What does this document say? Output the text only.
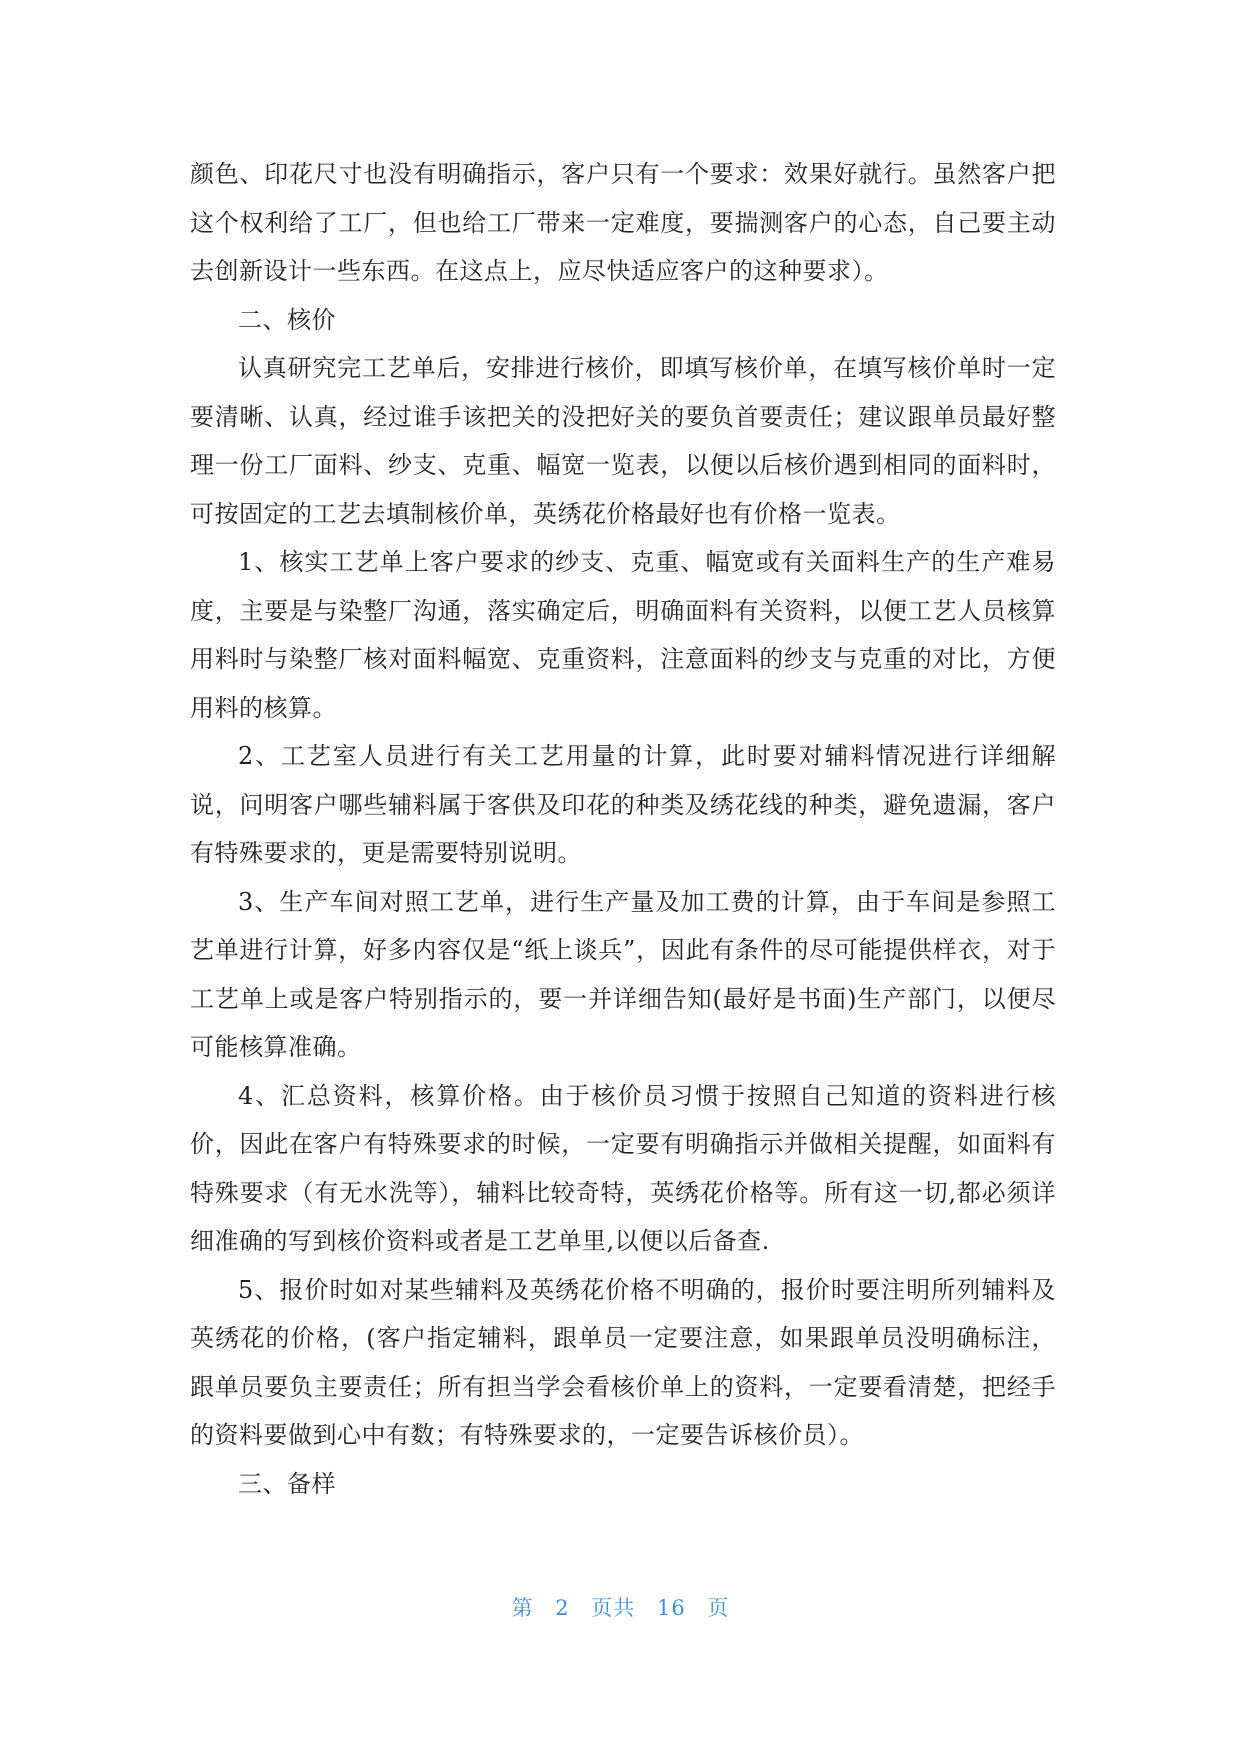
颜色、印花尺寸也没有明确指示，客户只有一个要求：效果好就行。虽然客户把这个权利给了工厂，但也给工厂带来一定难度，要揣测客户的心态，自己要主动去创新设计一些东西。在这点上，应尽快适应客户的这种要求）。

二、核价

认真研究完工艺单后，安排进行核价，即填写核价单，在填写核价单时一定要清晰、认真，经过谁手该把关的没把好关的要负首要责任；建议跟单员最好整理一份工厂面料、纱支、克重、幅宽一览表，以便以后核价遇到相同的面料时，可按固定的工艺去填制核价单，英绣花价格最好也有价格一览表。

1、核实工艺单上客户要求的纱支、克重、幅宽或有关面料生产的生产难易度，主要是与染整厂沟通，落实确定后，明确面料有关资料，以便工艺人员核算用料时与染整厂核对面料幅宽、克重资料，注意面料的纱支与克重的对比，方便用料的核算。

2、工艺室人员进行有关工艺用量的计算，此时要对辅料情况进行详细解说，问明客户哪些辅料属于客供及印花的种类及绣花线的种类，避免遗漏，客户有特殊要求的，更是需要特别说明。

3、生产车间对照工艺单，进行生产量及加工费的计算，由于车间是参照工艺单进行计算，好多内容仅是“纸上谈兵”，因此有条件的尽可能提供样衣，对于工艺单上或是客户特别指示的，要一并详细告知(最好是书面)生产部门，以便尽可能核算准确。

4、汇总资料，核算价格。由于核价员习惯于按照自己知道的资料进行核价，因此在客户有特殊要求的时候，一定要有明确指示并做相关提醒，如面料有特殊要求（有无水洗等），辅料比较奇特，英绣花价格等。所有这一切,都必须详细准确的写到核价资料或者是工艺单里,以便以后备查.

5、报价时如对某些辅料及英绣花价格不明确的，报价时要注明所列辅料及英绣花的价格，(客户指定辅料，跟单员一定要注意，如果跟单员没明确标注，跟单员要负主要责任；所有担当学会看核价单上的资料，一定要看清楚，把经手的资料要做到心中有数；有特殊要求的，一定要告诉核价员）。

三、备样

第 2 页共 16 页
